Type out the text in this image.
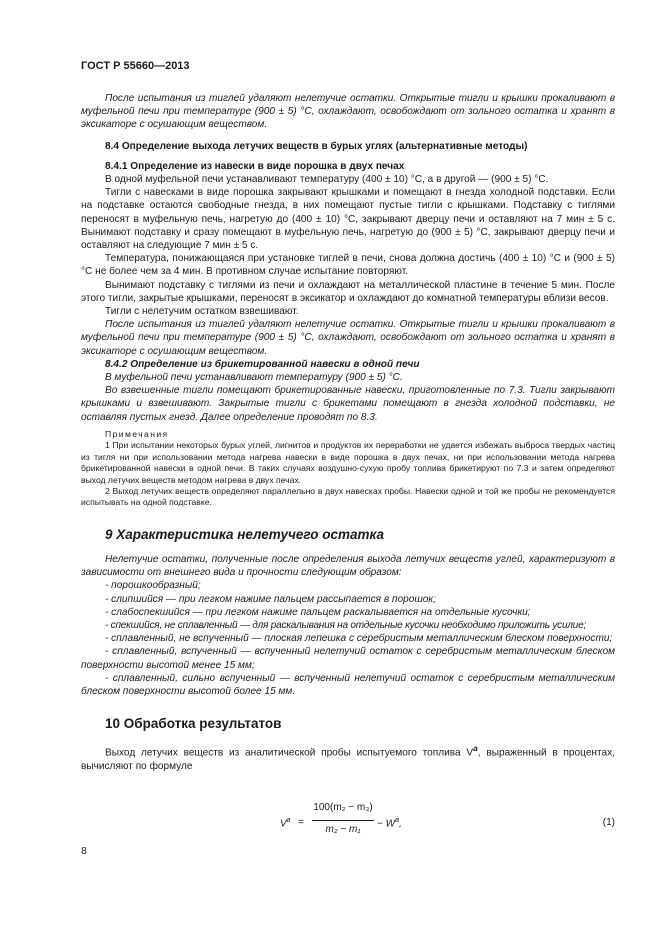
ГОСТ Р 55660—2013

После испытания из тиглей удаляют нелетучие остатки. Открытые тигли и крышки прокаливают в муфельной печи при температуре (900 ± 5) °С, охлаждают, освобождают от зольного остатка и хранят в эксикаторе с осушающим веществом.

8.4 Определение выхода летучих веществ в бурых углях (альтернативные методы)

8.4.1 Определение из навески в виде порошка в двух печах

В одной муфельной печи устанавливают температуру (400 ± 10) °С, а в другой — (900 ± 5) °С.

Тигли с навесками в виде порошка закрывают крышками и помещают в гнезда холодной подставки. Если на подставке остаются свободные гнезда, в них помещают пустые тигли с крышками. Подставку с тиглями переносят в муфельную печь, нагретую до (400 ± 10) °С, закрывают дверцу печи и оставляют на 7 мин ± 5 с. Вынимают подставку и сразу помещают в муфельную печь, нагретую до (900 ± 5) °С, закрывают дверцу печи и оставляют на следующие 7 мин ± 5 с.

Температура, понижающаяся при установке тиглей в печи, снова должна достичь (400 ± 10) °С и (900 ± 5) °С не более чем за 4 мин. В противном случае испытание повторяют.

Вынимают подставку с тиглями из печи и охлаждают на металлической пластине в течение 5 мин. После этого тигли, закрытые крышками, переносят в эксикатор и охлаждают до комнатной температуры вблизи весов.

Тигли с нелетучим остатком взвешивают.

После испытания из тиглей удаляют нелетучие остатки. Открытые тигли и крышки прокаливают в муфельной печи при температуре (900 ± 5) °С, охлаждают, освобождают от зольного остатка и хранят в эксикаторе с осушающим веществом.

8.4.2 Определение из брикетированной навески в одной печи

В муфельной печи устанавливают температуру (900 ± 5) °С.

Во взвешенные тигли помещают брикетированные навески, приготовленные по 7.3. Тигли закрывают крышками и взвешивают. Закрытые тигли с брикетами помещают в гнезда холодной подставки, не оставляя пустых гнезд. Далее определение проводят по 8.3.

Примечания

1 При испытании некоторых бурых углей, лигнитов и продуктов их переработки не удается избежать выброса твердых частиц из тигля ни при использовании метода нагрева навески в виде порошка в двух печах, ни при использовании метода нагрева брикетированной навески в одной печи. В таких случаях воздушно-сухую пробу топлива брикетируют по 7.3 и затем определяют выход летучих веществ методом нагрева в двух печах.

2 Выход летучих веществ определяют параллельно в двух навесках пробы. Навески одной и той же пробы не рекомендуется испытывать на одной подставке.

9 Характеристика нелетучего остатка

Нелетучие остатки, полученные после определения выхода летучих веществ углей, характеризуют в зависимости от внешнего вида и прочности следующим образом:

- порошкообразный;

- слипшийся — при легком нажиме пальцем рассыпается в порошок;

- слабоспекшийся — при легком нажиме пальцем раскалывается на отдельные кусочки;

- спекшийся, не сплавленный — для раскалывания на отдельные кусочки необходимо приложить усилие;

- сплавленный, не вспученный — плоская лепешка с серебристым металлическим блеском поверхности;

- сплавленный, вспученный — вспученный нелетучий остаток с серебристым металлическим блеском поверхности высотой менее 15 мм;

- сплавленный, сильно вспученный — вспученный нелетучий остаток с серебристым металлическим блеском поверхности высотой более 15 мм.

10 Обработка результатов

Выход летучих веществ из аналитической пробы испытуемого топлива $V^a$, выраженный в процентах, вычисляют по формуле

$V^a$ =
100(m₂ − m₃)
m₂ − m₁
− $W^a$,	(1)
8
